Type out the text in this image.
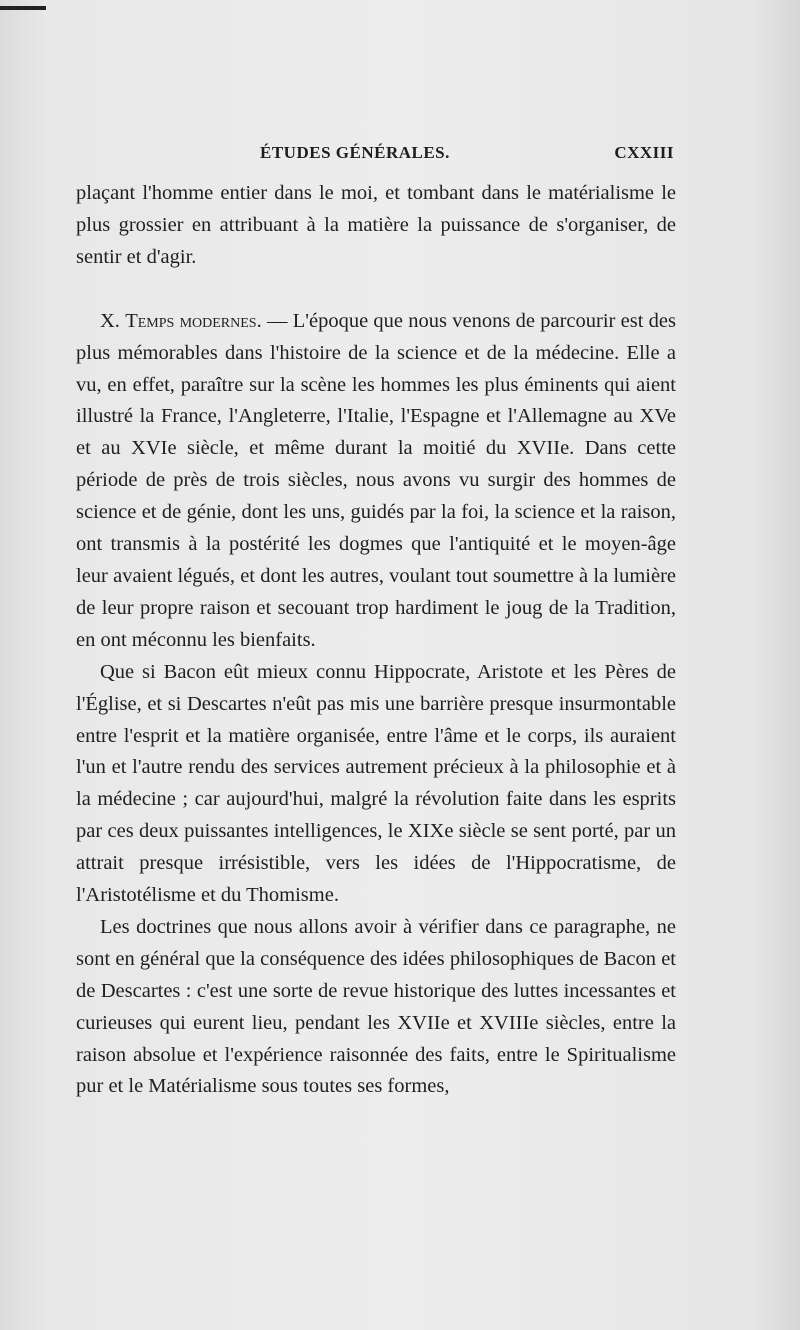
ÉTUDES GÉNÉRALES.	CXXIII

plaçant l'homme entier dans le moi, et tombant dans le matérialisme le plus grossier en attribuant à la matière la puissance de s'organiser, de sentir et d'agir.

X. Temps modernes. — L'époque que nous venons de parcourir est des plus mémorables dans l'histoire de la science et de la médecine. Elle a vu, en effet, paraître sur la scène les hommes les plus éminents qui aient illustré la France, l'Angleterre, l'Italie, l'Espagne et l'Allemagne au XVe et au XVIe siècle, et même durant la moitié du XVIIe. Dans cette période de près de trois siècles, nous avons vu surgir des hommes de science et de génie, dont les uns, guidés par la foi, la science et la raison, ont transmis à la postérité les dogmes que l'antiquité et le moyen-âge leur avaient légués, et dont les autres, voulant tout soumettre à la lumière de leur propre raison et secouant trop hardiment le joug de la Tradition, en ont méconnu les bienfaits.

Que si Bacon eût mieux connu Hippocrate, Aristote et les Pères de l'Église, et si Descartes n'eût pas mis une barrière presque insurmontable entre l'esprit et la matière organisée, entre l'âme et le corps, ils auraient l'un et l'autre rendu des services autrement précieux à la philosophie et à la médecine ; car aujourd'hui, malgré la révolution faite dans les esprits par ces deux puissantes intelligences, le XIXe siècle se sent porté, par un attrait presque irrésistible, vers les idées de l'Hippocratisme, de l'Aristotélisme et du Thomisme.

Les doctrines que nous allons avoir à vérifier dans ce paragraphe, ne sont en général que la conséquence des idées philosophiques de Bacon et de Descartes : c'est une sorte de revue historique des luttes incessantes et curieuses qui eurent lieu, pendant les XVIIe et XVIIIe siècles, entre la raison absolue et l'expérience raisonnée des faits, entre le Spiritualisme pur et le Matérialisme sous toutes ses formes,
